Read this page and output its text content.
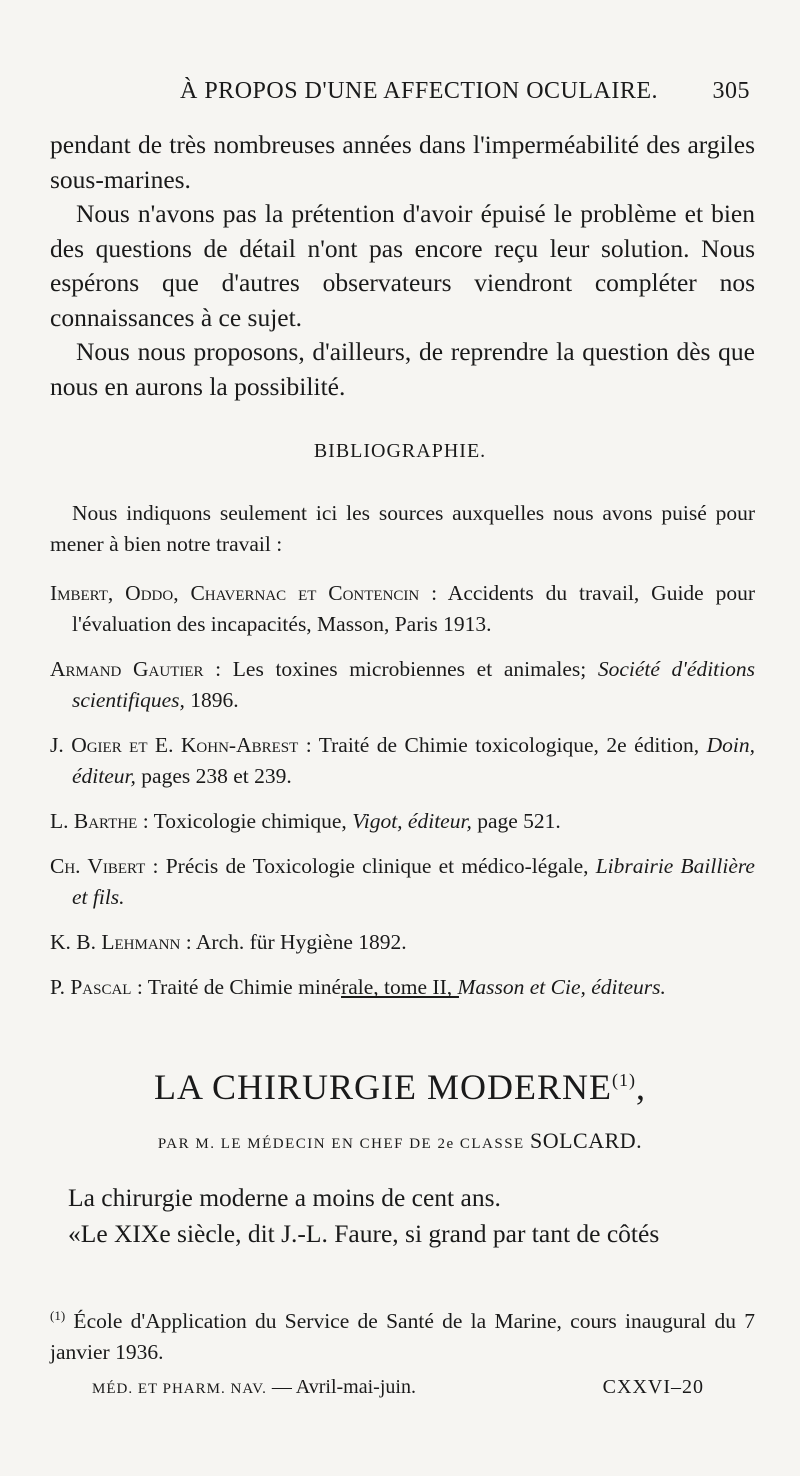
À PROPOS D'UNE AFFECTION OCULAIRE. 305

pendant de très nombreuses années dans l'imperméabilité des argiles sous-marines.

Nous n'avons pas la prétention d'avoir épuisé le problème et bien des questions de détail n'ont pas encore reçu leur solution. Nous espérons que d'autres observateurs viendront compléter nos connaissances à ce sujet.

Nous nous proposons, d'ailleurs, de reprendre la question dès que nous en aurons la possibilité.

BIBLIOGRAPHIE.

Nous indiquons seulement ici les sources auxquelles nous avons puisé pour mener à bien notre travail :

Imbert, Oddo, Chavernac et Contencin : Accidents du travail, Guide pour l'évaluation des incapacités, Masson, Paris 1913.

Armand Gautier : Les toxines microbiennes et animales; Société d'éditions scientifiques, 1896.

J. Ogier et E. Kohn-Abrest : Traité de Chimie toxicologique, 2e édition, Doin, éditeur, pages 238 et 239.

L. Barthe : Toxicologie chimique, Vigot, éditeur, page 521.

Ch. Vibert : Précis de Toxicologie clinique et médico-légale, Librairie Baillière et fils.

K. B. Lehmann : Arch. für Hygiène 1892.

P. Pascal : Traité de Chimie minérale, tome II, Masson et Cie, éditeurs.

LA CHIRURGIE MODERNE$^{(1)}$,
PAR M. LE MÉDECIN EN CHEF DE 2e CLASSE SOLCARD.

La chirurgie moderne a moins de cent ans.

«Le XIXe siècle, dit J.-L. Faure, si grand par tant de côtés

$^{(1)}$ École d'Application du Service de Santé de la Marine, cours inaugural du 7 janvier 1936.
MÉD. ET PHARM. NAV. — Avril-mai-juin.	CXXVI–20
